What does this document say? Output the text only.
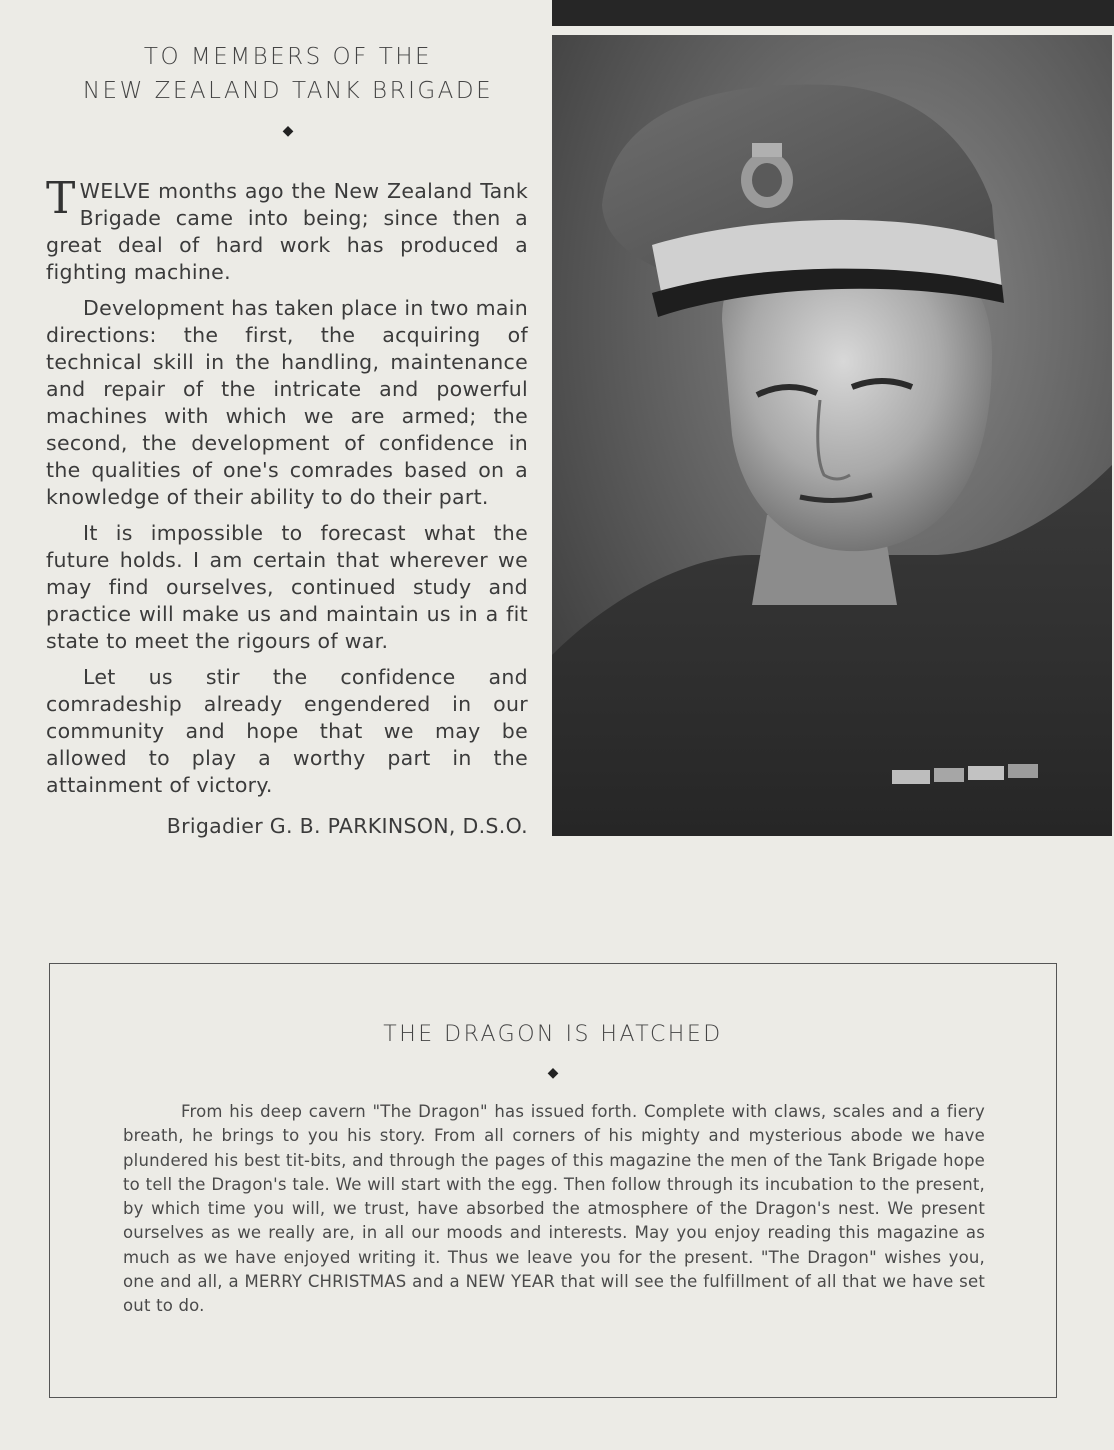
TO MEMBERS OF THE
NEW ZEALAND TANK BRIGADE
◆

TWELVE months ago the New Zealand Tank Brigade came into being; since then a great deal of hard work has produced a fighting machine.

Development has taken place in two main directions: the first, the acquiring of technical skill in the handling, maintenance and repair of the intricate and powerful machines with which we are armed; the second, the development of confidence in the qualities of one's comrades based on a knowledge of their ability to do their part.

It is impossible to forecast what the future holds. I am certain that wherever we may find ourselves, continued study and practice will make us and maintain us in a fit state to meet the rigours of war.

Let us stir the confidence and comradeship already engendered in our community and hope that we may be allowed to play a worthy part in the attainment of victory.

Brigadier G. B. PARKINSON, D.S.O.
THE DRAGON IS HATCHED
◆

From his deep cavern "The Dragon" has issued forth. Complete with claws, scales and a fiery breath, he brings to you his story. From all corners of his mighty and mysterious abode we have plundered his best tit-bits, and through the pages of this magazine the men of the Tank Brigade hope to tell the Dragon's tale. We will start with the egg. Then follow through its incubation to the present, by which time you will, we trust, have absorbed the atmosphere of the Dragon's nest. We present ourselves as we really are, in all our moods and interests. May you enjoy reading this magazine as much as we have enjoyed writing it. Thus we leave you for the present. "The Dragon" wishes you, one and all, a MERRY CHRISTMAS and a NEW YEAR that will see the fulfillment of all that we have set out to do.
